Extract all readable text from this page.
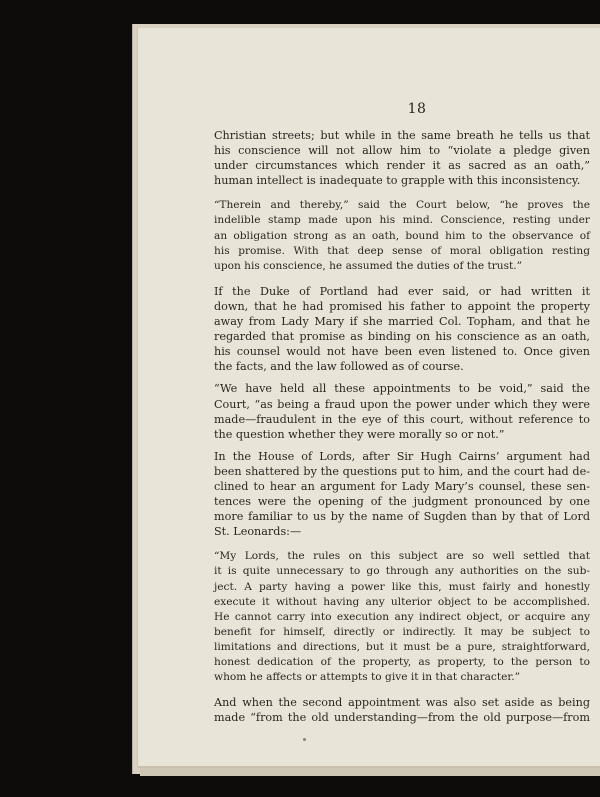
18

Christian streets; but while in the same breath he tells us that
his conscience will not allow him to “violate a pledge given
under circumstances which render it as sacred as an oath,”
human intellect is inadequate to grapple with this inconsistency.

“Therein and thereby,” said the Court below, “he proves the
indelible stamp made upon his mind. Conscience, resting under
an obligation strong as an oath, bound him to the observance of
his promise. With that deep sense of moral obligation resting
upon his conscience, he assumed the duties of the trust.”

If the Duke of Portland had ever said, or had written it
down, that he had promised his father to appoint the property
away from Lady Mary if she married Col. Topham, and that he
regarded that promise as binding on his conscience as an oath,
his counsel would not have been even listened to. Once given
the facts, and the law followed as of course.

“We have held all these appointments to be void,” said the
Court, “as being a fraud upon the power under which they were
made—fraudulent in the eye of this court, without reference to
the question whether they were morally so or not.”

In the House of Lords, after Sir Hugh Cairns’ argument had
been shattered by the questions put to him, and the court had de-
clined to hear an argument for Lady Mary’s counsel, these sen-
tences were the opening of the judgment pronounced by one
more familiar to us by the name of Sugden than by that of Lord
St. Leonards:—

“My Lords, the rules on this subject are so well settled that
it is quite unnecessary to go through any authorities on the sub-
ject. A party having a power like this, must fairly and honestly
execute it without having any ulterior object to be accomplished.
He cannot carry into execution any indirect object, or acquire any
benefit for himself, directly or indirectly. It may be subject to
limitations and directions, but it must be a pure, straightforward,
honest dedication of the property, as property, to the person to
whom he affects or attempts to give it in that character.”

And when the second appointment was also set aside as being
made “from the old understanding—from the old purpose—from
